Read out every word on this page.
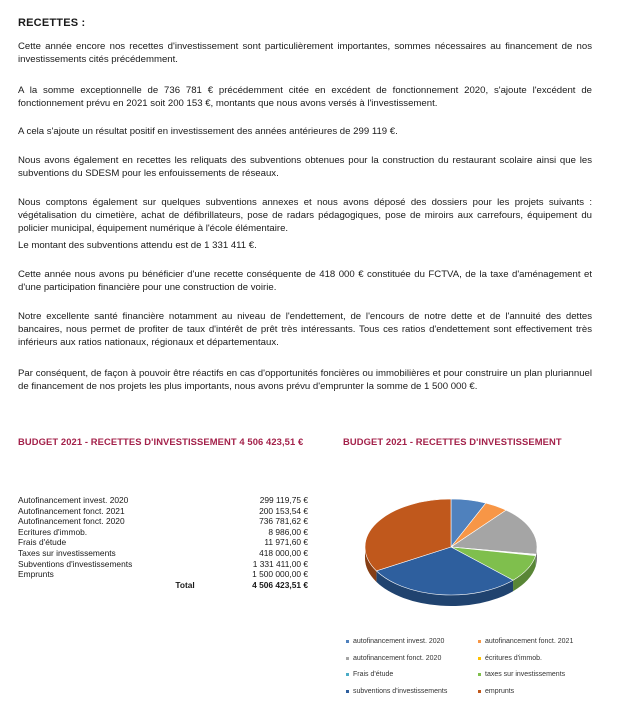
RECETTES :

Cette année encore nos recettes d'investissement sont particulièrement importantes, sommes nécessaires au financement de nos investissements cités précédemment.

A la somme exceptionnelle de 736 781 € précédemment citée en excédent de fonctionnement 2020, s'ajoute l'excédent de fonctionnement prévu en 2021 soit 200 153 €, montants que nous avons versés à l'investissement.

A cela s'ajoute un résultat positif en investissement des années antérieures de 299 119 €.

Nous avons également en recettes les reliquats des subventions obtenues pour la construction du restaurant scolaire ainsi que les subventions du SDESM pour les enfouissements de réseaux.

Nous comptons également sur quelques subventions annexes et nous avons déposé des dossiers pour les projets suivants : végétalisation du cimetière, achat de défibrillateurs, pose de radars pédagogiques, pose de miroirs aux carrefours, équipement du policier municipal, équipement numérique à l'école élémentaire.

Le montant des subventions attendu est de 1 331 411 €.

Cette année nous avons pu bénéficier d'une recette conséquente de 418 000 € constituée du FCTVA, de la taxe d'aménagement et d'une participation financière pour une construction de voirie.

Notre excellente santé financière notamment au niveau de l'endettement, de l'encours de notre dette et de l'annuité des dettes bancaires, nous permet de profiter de taux d'intérêt de prêt très intéressants. Tous ces ratios d'endettement sont effectivement très inférieurs aux ratios nationaux, régionaux et départementaux.

Par conséquent, de façon à pouvoir être réactifs en cas d'opportunités foncières ou immobilières et pour construire un plan pluriannuel de financement de nos projets les plus importants, nous avons prévu d'emprunter la somme de 1 500 000 €.

BUDGET 2021 - RECETTES D'INVESTISSEMENT 4 506 423,51 €	BUDGET 2021 - RECETTES D'INVESTISSEMENT
Autofinancement invest. 2020	299 119,75 €
Autofinancement fonct. 2021	200 153,54 €
Autofinancement fonct. 2020	736 781,62 €
Ecritures d'immob.	8 986,00 €
Frais d'étude	11 971,60 €
Taxes sur investissements	418 000,00 €
Subventions d'investissements	1 331 411,00 €
Emprunts	1 500 000,00 €
Total	4 506 423,51 €
autofinancement invest. 2020	autofinancement fonct. 2021
autofinancement fonct. 2020	écritures d'immob.
Frais d'étude	taxes sur investissements
subventions d'investissements	emprunts
